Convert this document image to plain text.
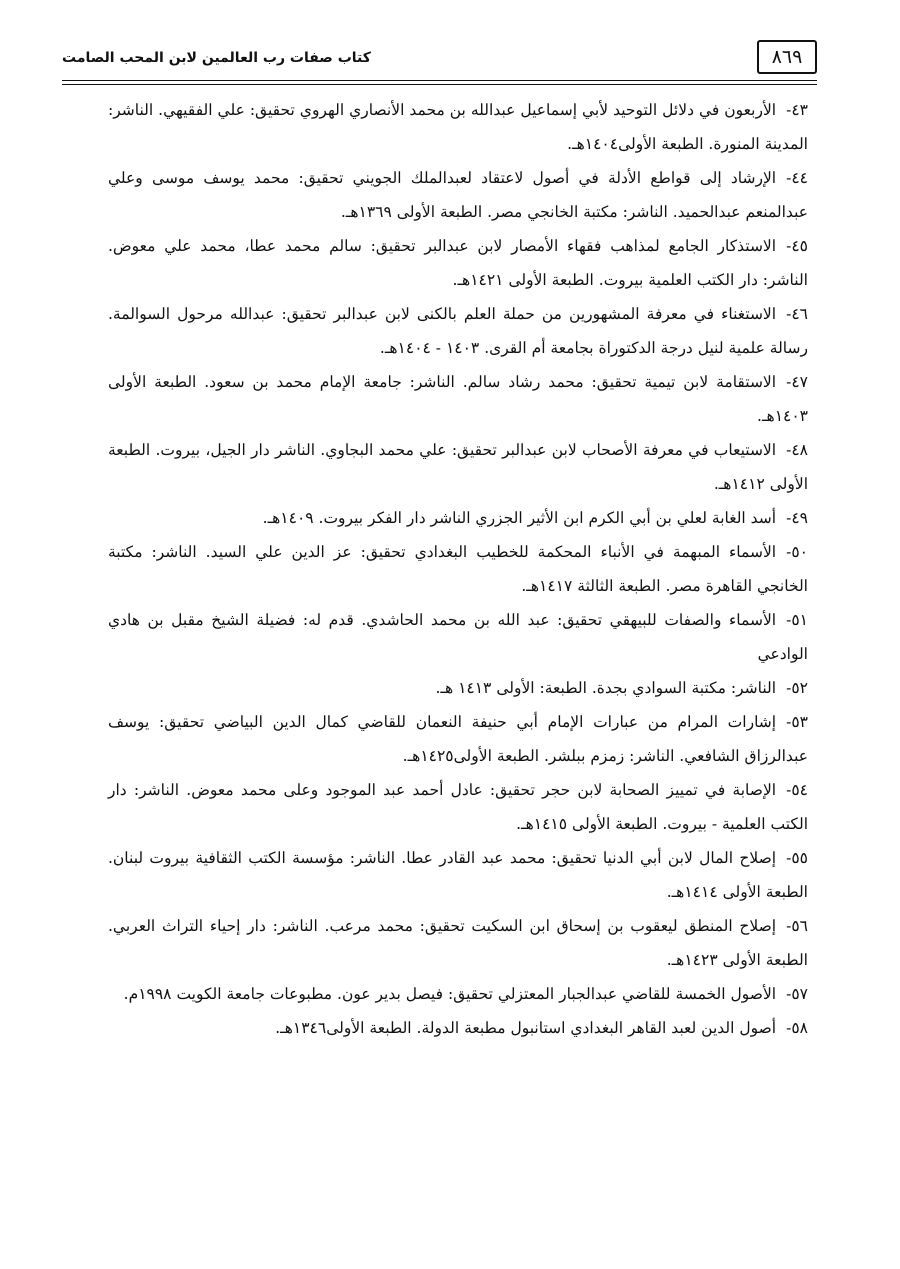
٨٦٩
كتاب صفات رب العالمين لابن المحب الصامت

٤٣-الأربعون في دلائل التوحيد لأبي إسماعيل عبدالله بن محمد الأنصاري الهروي تحقيق: علي الفقيهي. الناشر: المدينة المنورة. الطبعة الأولى١٤٠٤هـ.

٤٤-الإرشاد إلى قواطع الأدلة في أصول لاعتقاد لعبدالملك الجويني تحقيق: محمد يوسف موسى وعلي عبدالمنعم عبدالحميد. الناشر: مكتبة الخانجي مصر. الطبعة الأولى ١٣٦٩هـ.

٤٥-الاستذكار الجامع لمذاهب فقهاء الأمصار لابن عبدالبر تحقيق: سالم محمد عطا، محمد علي معوض. الناشر: دار الكتب العلمية بيروت. الطبعة الأولى ١٤٢١هـ.

٤٦-الاستغناء في معرفة المشهورين من حملة العلم بالكنى لابن عبدالبر تحقيق: عبدالله مرحول السوالمة. رسالة علمية لنيل درجة الدكتوراة بجامعة أم القرى. ١٤٠٣ - ١٤٠٤هـ.

٤٧-الاستقامة لابن تيمية تحقيق: محمد رشاد سالم. الناشر: جامعة الإمام محمد بن سعود. الطبعة الأولى ١٤٠٣هـ.

٤٨-الاستيعاب في معرفة الأصحاب لابن عبدالبر تحقيق: علي محمد البجاوي. الناشر دار الجيل، بيروت. الطبعة الأولى ١٤١٢هـ.

٤٩-أسد الغابة لعلي بن أبي الكرم ابن الأثير الجزري الناشر دار الفكر بيروت. ١٤٠٩هـ.

٥٠-الأسماء المبهمة في الأنباء المحكمة للخطيب البغدادي تحقيق: عز الدين علي السيد. الناشر: مكتبة الخانجي القاهرة مصر. الطبعة الثالثة ١٤١٧هـ.

٥١-الأسماء والصفات للبيهقي تحقيق: عبد الله بن محمد الحاشدي. قدم له: فضيلة الشيخ مقبل بن هادي الوادعي

٥٢-الناشر: مكتبة السوادي بجدة. الطبعة: الأولى ١٤١٣ هـ.

٥٣-إشارات المرام من عبارات الإمام أبي حنيفة النعمان للقاضي كمال الدين البياضي تحقيق: يوسف عبدالرزاق الشافعي. الناشر: زمزم ببلشر. الطبعة الأولى١٤٢٥هـ.

٥٤-الإصابة في تمييز الصحابة لابن حجر تحقيق: عادل أحمد عبد الموجود وعلى محمد معوض. الناشر: دار الكتب العلمية - بيروت. الطبعة الأولى ١٤١٥هـ.

٥٥-إصلاح المال لابن أبي الدنيا تحقيق: محمد عبد القادر عطا. الناشر: مؤسسة الكتب الثقافية بيروت لبنان. الطبعة الأولى ١٤١٤هـ.

٥٦-إصلاح المنطق ليعقوب بن إسحاق ابن السكيت تحقيق: محمد مرعب. الناشر: دار إحياء التراث العربي. الطبعة الأولى ١٤٢٣هـ.

٥٧-الأصول الخمسة للقاضي عبدالجبار المعتزلي تحقيق: فيصل بدير عون. مطبوعات جامعة الكويت ١٩٩٨م.

٥٨-أصول الدين لعبد القاهر البغدادي استانبول مطبعة الدولة. الطبعة الأولى١٣٤٦هـ.
